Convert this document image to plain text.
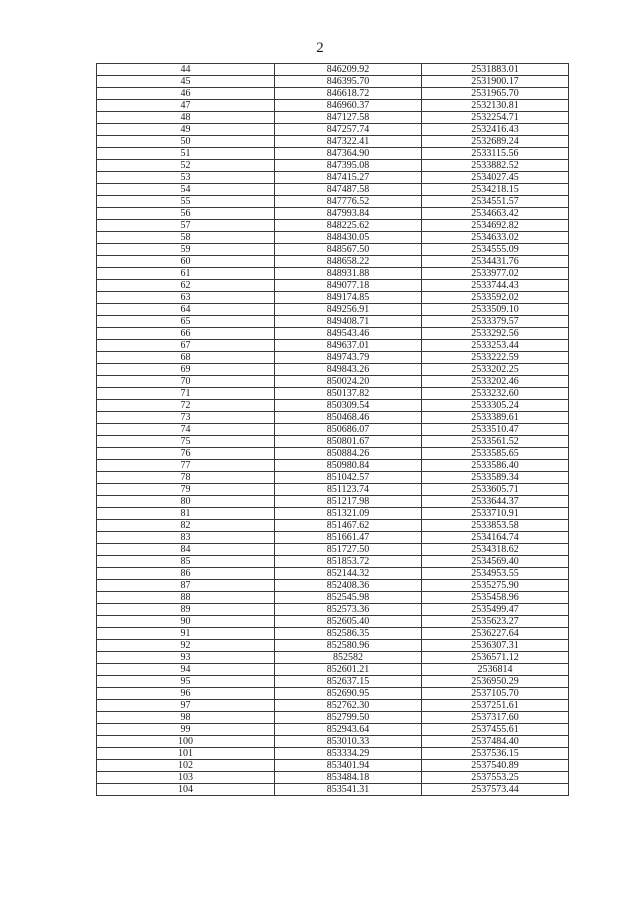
2
44	846209.92	2531883.01
45	846395.70	2531900.17
46	846618.72	2531965.70
47	846960.37	2532130.81
48	847127.58	2532254.71
49	847257.74	2532416.43
50	847322.41	2532689.24
51	847364.90	2533115.56
52	847395.08	2533882.52
53	847415.27	2534027.45
54	847487.58	2534218.15
55	847776.52	2534551.57
56	847993.84	2534663.42
57	848225.62	2534692.82
58	848430.05	2534633.02
59	848567.50	2534555.09
60	848658.22	2534431.76
61	848931.88	2533977.02
62	849077.18	2533744.43
63	849174.85	2533592.02
64	849256.91	2533509.10
65	849408.71	2533379.57
66	849543.46	2533292.56
67	849637.01	2533253.44
68	849743.79	2533222.59
69	849843.26	2533202.25
70	850024.20	2533202.46
71	850137.82	2533232.60
72	850309.54	2533305.24
73	850468.46	2533389.61
74	850686.07	2533510.47
75	850801.67	2533561.52
76	850884.26	2533585.65
77	850980.84	2533586.40
78	851042.57	2533589.34
79	851123.74	2533605.71
80	851217.98	2533644.37
81	851321.09	2533710.91
82	851467.62	2533853.58
83	851661.47	2534164.74
84	851727.50	2534318.62
85	851853.72	2534569.40
86	852144.32	2534953.55
87	852408.36	2535275.90
88	852545.98	2535458.96
89	852573.36	2535499.47
90	852605.40	2535623.27
91	852586.35	2536227.64
92	852580.96	2536307.31
93	852582	2536571.12
94	852601.21	2536814
95	852637.15	2536950.29
96	852690.95	2537105.70
97	852762.30	2537251.61
98	852799.50	2537317.60
99	852943.64	2537455.61
100	853010.33	2537484.40
101	853334.29	2537536.15
102	853401.94	2537540.89
103	853484.18	2537553.25
104	853541.31	2537573.44
